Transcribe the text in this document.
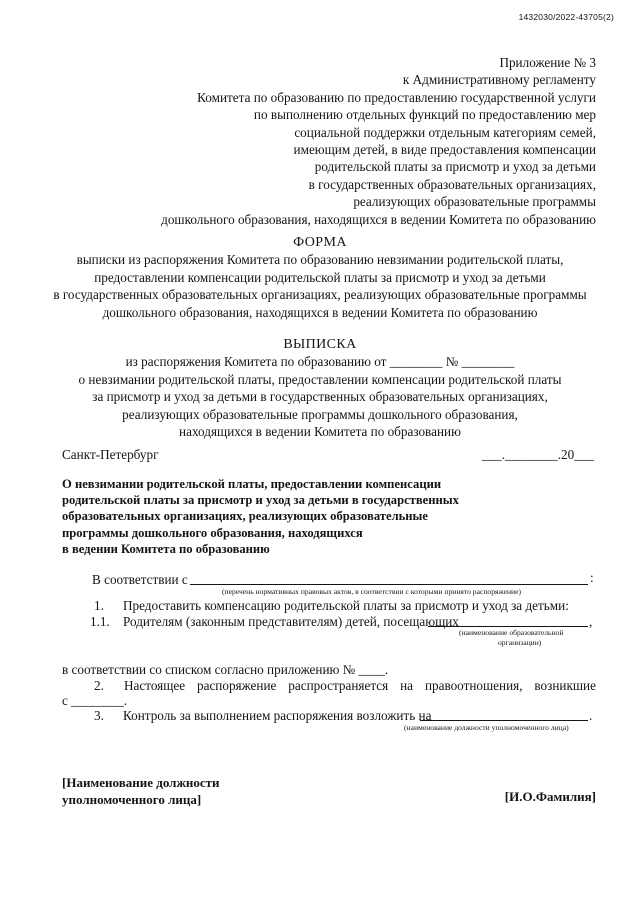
1432030/2022-43705(2)
Приложение № 3
к Административному регламенту
Комитета по образованию по предоставлению государственной услуги
по выполнению отдельных функций по предоставлению мер
социальной поддержки отдельным категориям семей,
имеющим детей, в виде предоставления компенсации
родительской платы за присмотр и уход за детьми
в государственных образовательных организациях,
реализующих образовательные программы
дошкольного образования, находящихся в ведении Комитета по образованию
ФОРМА
выписки из распоряжения Комитета по образованию невзимании родительской платы,
предоставлении компенсации родительской платы за присмотр и уход за детьми
в государственных образовательных организациях, реализующих образовательные программы
дошкольного образования, находящихся в ведении Комитета по образованию
ВЫПИСКА
из распоряжения Комитета по образованию от ________ № ________
о невзимании родительской платы, предоставлении компенсации родительской платы
за присмотр и уход за детьми в государственных образовательных организациях,
реализующих образовательные программы дошкольного образования,
находящихся в ведении Комитета по образованию
Санкт-Петербург	___.________.20___
О невзимании родительской платы, предоставлении компенсации
родительской платы за присмотр и уход за детьми в государственных
образовательных организациях, реализующих образовательные
программы дошкольного образования, находящихся
в ведении Комитета по образованию
В соответствии с	:
(перечень нормативных правовых актов, в соответствии с которыми принято распоряжение)
1. Предоставить компенсацию родительской платы за присмотр и уход за детьми:
1.1. Родителям (законным представителям) детей, посещающих	,
(наименование образовательной
организации)
в соответствии со списком согласно приложению № ____.
2. Настоящее распоряжение распространяется на правоотношения, возникшие
с ________.
3. Контроль за выполнением распоряжения возложить на	.
(наименование должности уполномоченного лица)
[Наименование должности
уполномоченного лица]	[И.О.Фамилия]
